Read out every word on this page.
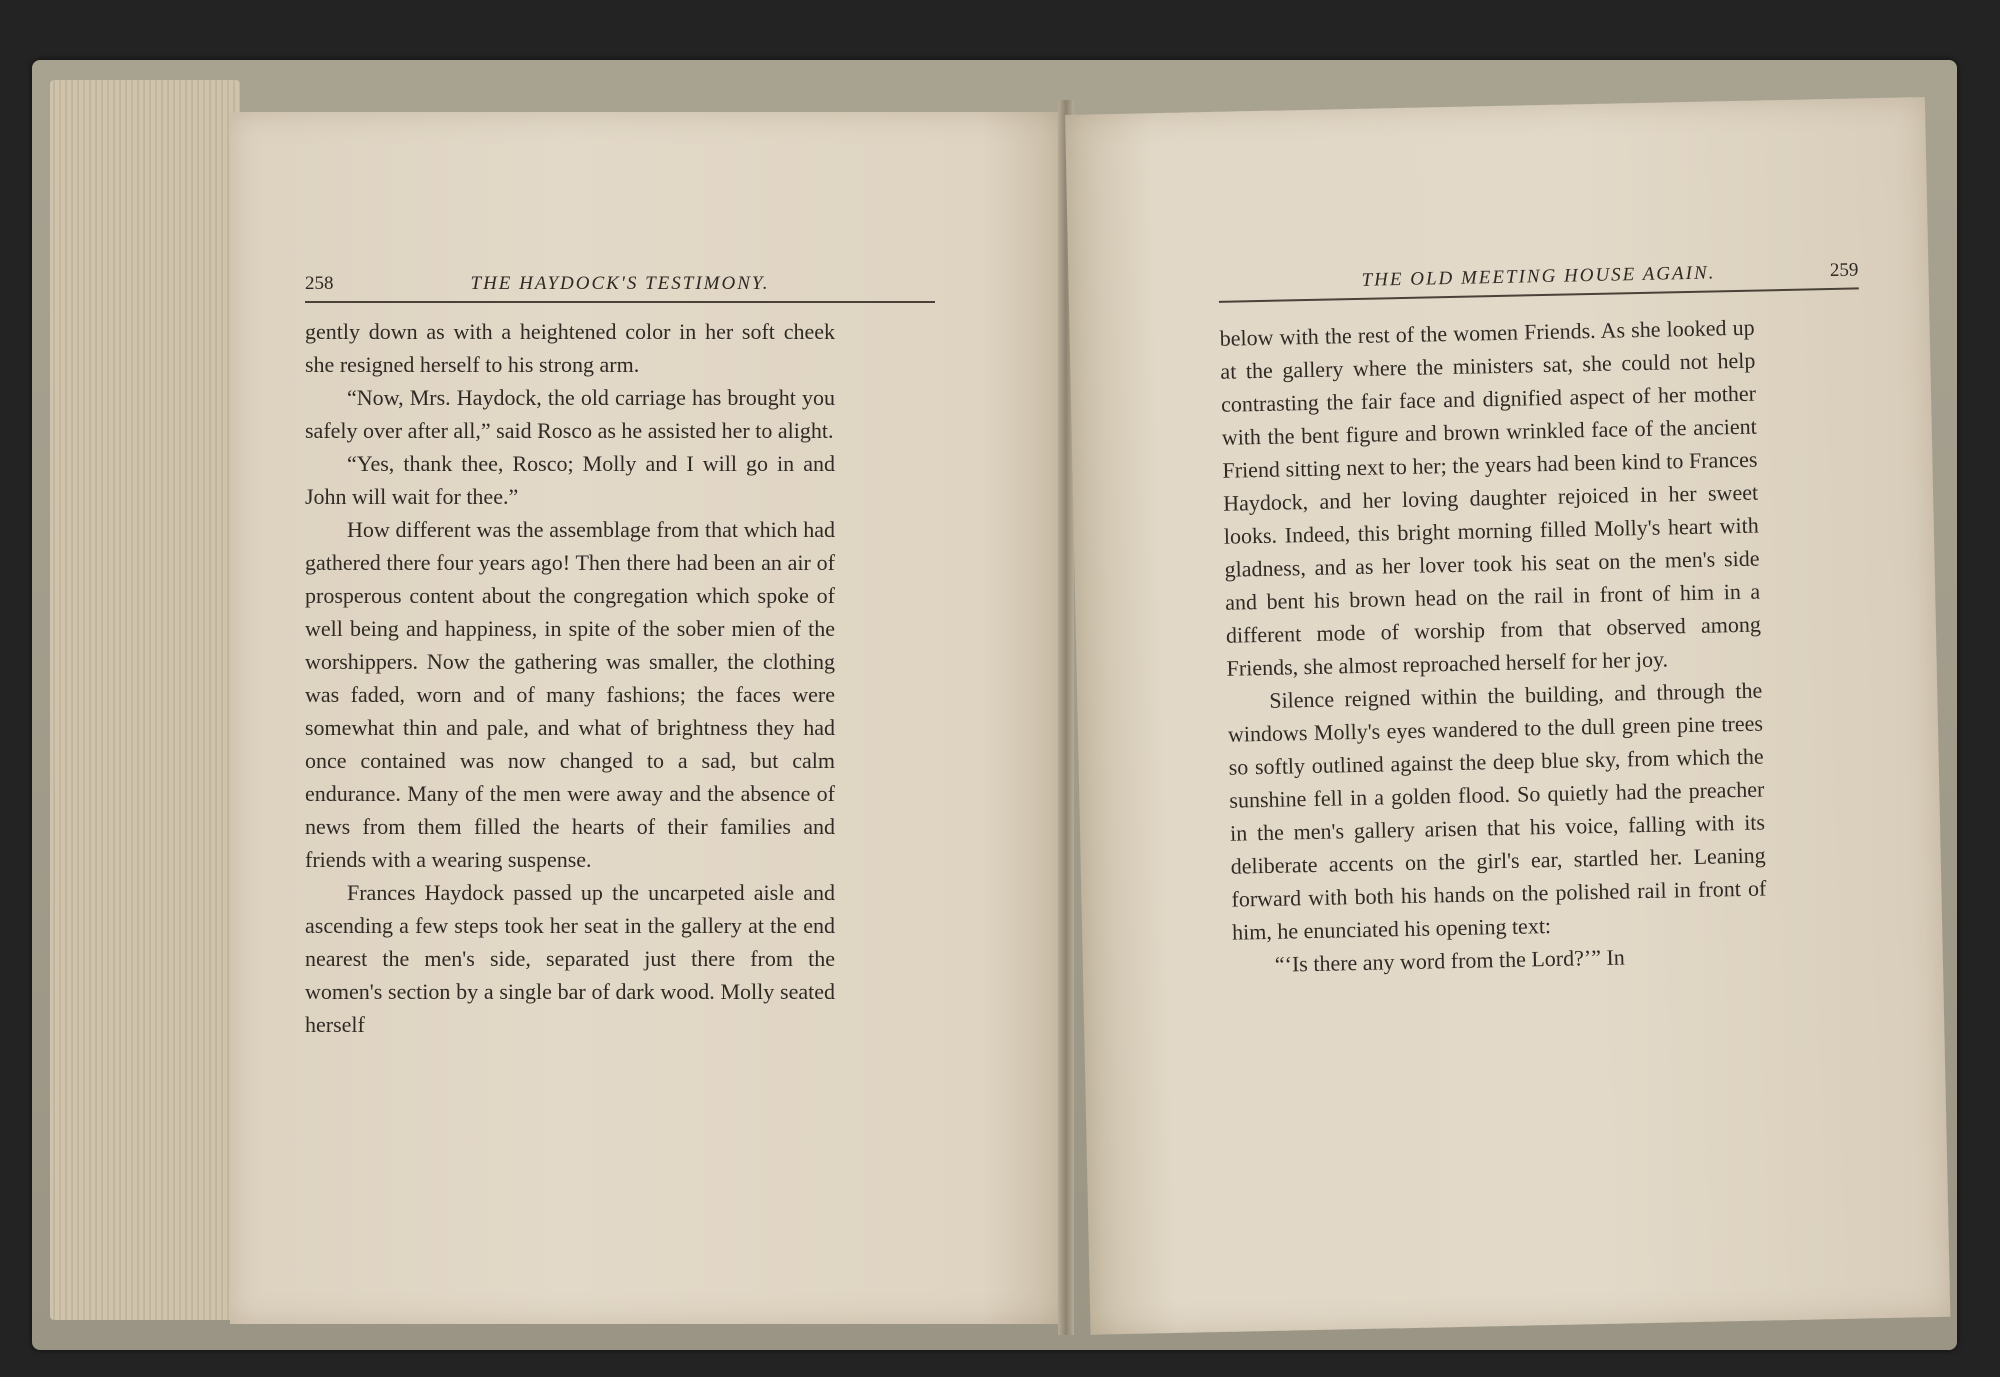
258	THE HAYDOCK'S TESTIMONY.

gently down as with a heightened color in her soft cheek she resigned herself to his strong arm.

“Now, Mrs. Haydock, the old carriage has brought you safely over after all,” said Rosco as he assisted her to alight.

“Yes, thank thee, Rosco; Molly and I will go in and John will wait for thee.”

How different was the assemblage from that which had gathered there four years ago! Then there had been an air of prosperous content about the congregation which spoke of well being and happiness, in spite of the sober mien of the worshippers. Now the gathering was smaller, the clothing was faded, worn and of many fashions; the faces were somewhat thin and pale, and what of brightness they had once contained was now changed to a sad, but calm endurance. Many of the men were away and the absence of news from them filled the hearts of their families and friends with a wearing suspense.

Frances Haydock passed up the uncarpeted aisle and ascending a few steps took her seat in the gallery at the end nearest the men's side, separated just there from the women's section by a single bar of dark wood. Molly seated herself

THE OLD MEETING HOUSE AGAIN.	259

below with the rest of the women Friends. As she looked up at the gallery where the ministers sat, she could not help contrasting the fair face and dignified aspect of her mother with the bent figure and brown wrinkled face of the ancient Friend sitting next to her; the years had been kind to Frances Haydock, and her loving daughter rejoiced in her sweet looks. Indeed, this bright morning filled Molly's heart with gladness, and as her lover took his seat on the men's side and bent his brown head on the rail in front of him in a different mode of worship from that observed among Friends, she almost reproached herself for her joy.

Silence reigned within the building, and through the windows Molly's eyes wandered to the dull green pine trees so softly outlined against the deep blue sky, from which the sunshine fell in a golden flood. So quietly had the preacher in the men's gallery arisen that his voice, falling with its deliberate accents on the girl's ear, startled her. Leaning forward with both his hands on the polished rail in front of him, he enunciated his opening text:

“‘Is there any word from the Lord?’” In
